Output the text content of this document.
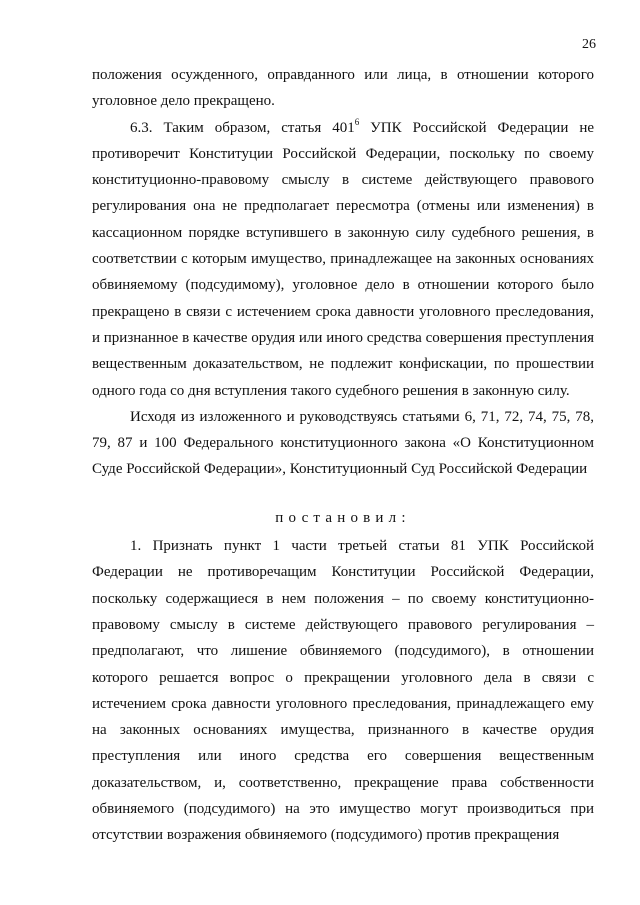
26

положения осужденного, оправданного или лица, в отношении которого уголовное дело прекращено.

6.3. Таким образом, статья $401^6$ УПК Российской Федерации не противоречит Конституции Российской Федерации, поскольку по своему конституционно-правовому смыслу в системе действующего правового регулирования она не предполагает пересмотра (отмены или изменения) в кассационном порядке вступившего в законную силу судебного решения, в соответствии с которым имущество, принадлежащее на законных основаниях обвиняемому (подсудимому), уголовное дело в отношении которого было прекращено в связи с истечением срока давности уголовного преследования, и признанное в качестве орудия или иного средства совершения преступления вещественным доказательством, не подлежит конфискации, по прошествии одного года со дня вступления такого судебного решения в законную силу.

Исходя из изложенного и руководствуясь статьями 6, 71, 72, 74, 75, 78, 79, 87 и 100 Федерального конституционного закона «О Конституционном Суде Российской Федерации», Конституционный Суд Российской Федерации

постановил:

1. Признать пункт 1 части третьей статьи 81 УПК Российской Федерации не противоречащим Конституции Российской Федерации, поскольку содержащиеся в нем положения – по своему конституционно-правовому смыслу в системе действующего правового регулирования – предполагают, что лишение обвиняемого (подсудимого), в отношении которого решается вопрос о прекращении уголовного дела в связи с истечением срока давности уголовного преследования, принадлежащего ему на законных основаниях имущества, признанного в качестве орудия преступления или иного средства его совершения вещественным доказательством, и, соответственно, прекращение права собственности обвиняемого (подсудимого) на это имущество могут производиться при отсутствии возражения обвиняемого (подсудимого) против прекращения
